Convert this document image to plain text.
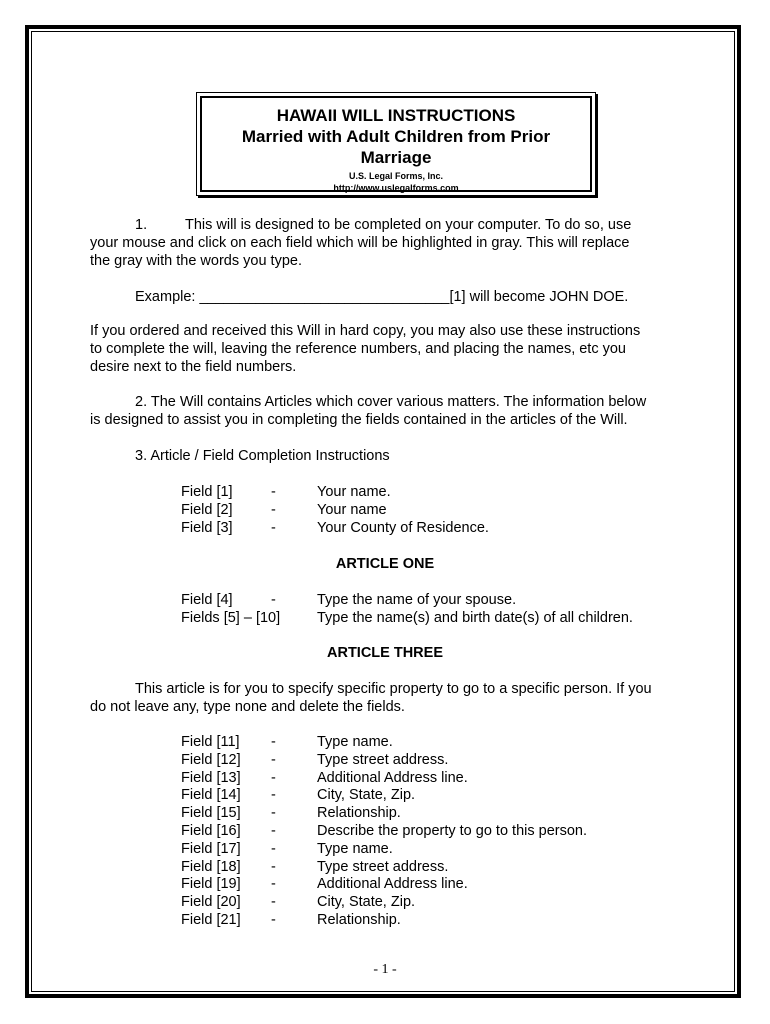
HAWAII WILL INSTRUCTIONS
Married with Adult Children from Prior
Marriage
U.S. Legal Forms, Inc.
http://www.uslegalforms.com
1.	This will is designed to be completed on your computer. To do so, use
your mouse and click on each field which will be highlighted in gray. This will replace
the gray with the words you type.
Example: _______________________________[1] will become JOHN DOE.
If you ordered and received this Will in hard copy, you may also use these instructions
to complete the will, leaving the reference numbers, and placing the names, etc you
desire next to the field numbers.
2. The Will contains Articles which cover various matters. The information below
is designed to assist you in completing the fields contained in the articles of the Will.
3. Article / Field Completion Instructions
Field [1]	-	Your name.
Field [2]	-	Your name
Field [3]	-	Your County of Residence.
ARTICLE ONE
Field [4]	-	Type the name of your spouse.
Fields [5] – [10]	Type the name(s) and birth date(s) of all children.
ARTICLE THREE
This article is for you to specify specific property to go to a specific person. If you
do not leave any, type none and delete the fields.
Field [11] -	Type name.
Field [12] -	Type street address.
Field [13] -	Additional Address line.
Field [14] -	City, State, Zip.
Field [15] -	Relationship.
Field [16] -	Describe the property to go to this person.
Field [17] -	Type name.
Field [18] -	Type street address.
Field [19] -	Additional Address line.
Field [20] -	City, State, Zip.
Field [21] -	Relationship.
- 1 -
